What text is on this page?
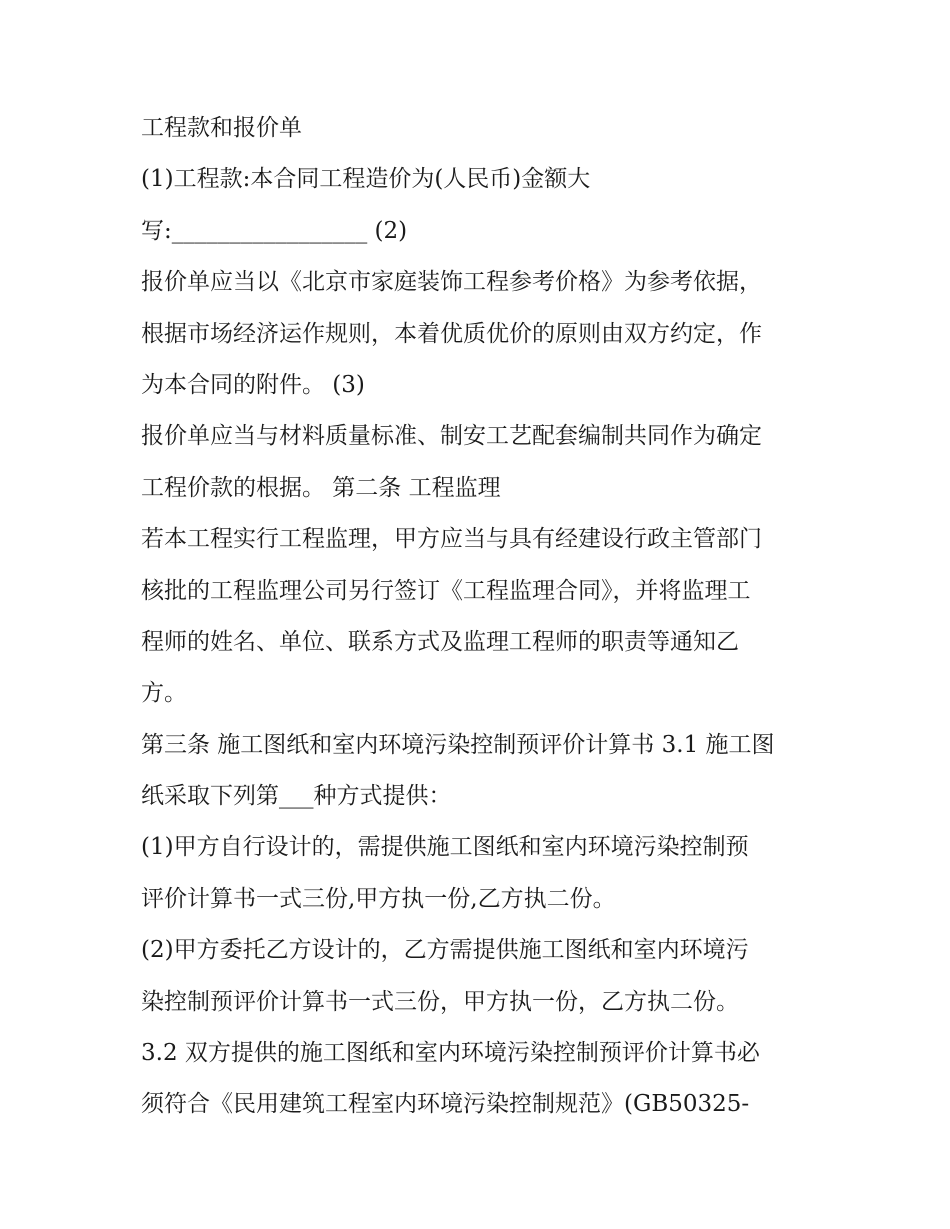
工程款和报价单
(1)工程款:本合同工程造价为(人民币)金额大
写:_________________ (2)
报价单应当以《北京市家庭装饰工程参考价格》为参考依据，
根据市场经济运作规则，本着优质优价的原则由双方约定，作
为本合同的附件。 (3)
报价单应当与材料质量标准、制安工艺配套编制共同作为确定
工程价款的根据。 第二条 工程监理
若本工程实行工程监理，甲方应当与具有经建设行政主管部门
核批的工程监理公司另行签订《工程监理合同》，并将监理工
程师的姓名、单位、联系方式及监理工程师的职责等通知乙
方。
第三条 施工图纸和室内环境污染控制预评价计算书 3.1 施工图
纸采取下列第___种方式提供：
(1)甲方自行设计的，需提供施工图纸和室内环境污染控制预
评价计算书一式三份,甲方执一份,乙方执二份。
(2)甲方委托乙方设计的，乙方需提供施工图纸和室内环境污
染控制预评价计算书一式三份，甲方执一份，乙方执二份。
3.2 双方提供的施工图纸和室内环境污染控制预评价计算书必
须符合《民用建筑工程室内环境污染控制规范》(GB50325-
